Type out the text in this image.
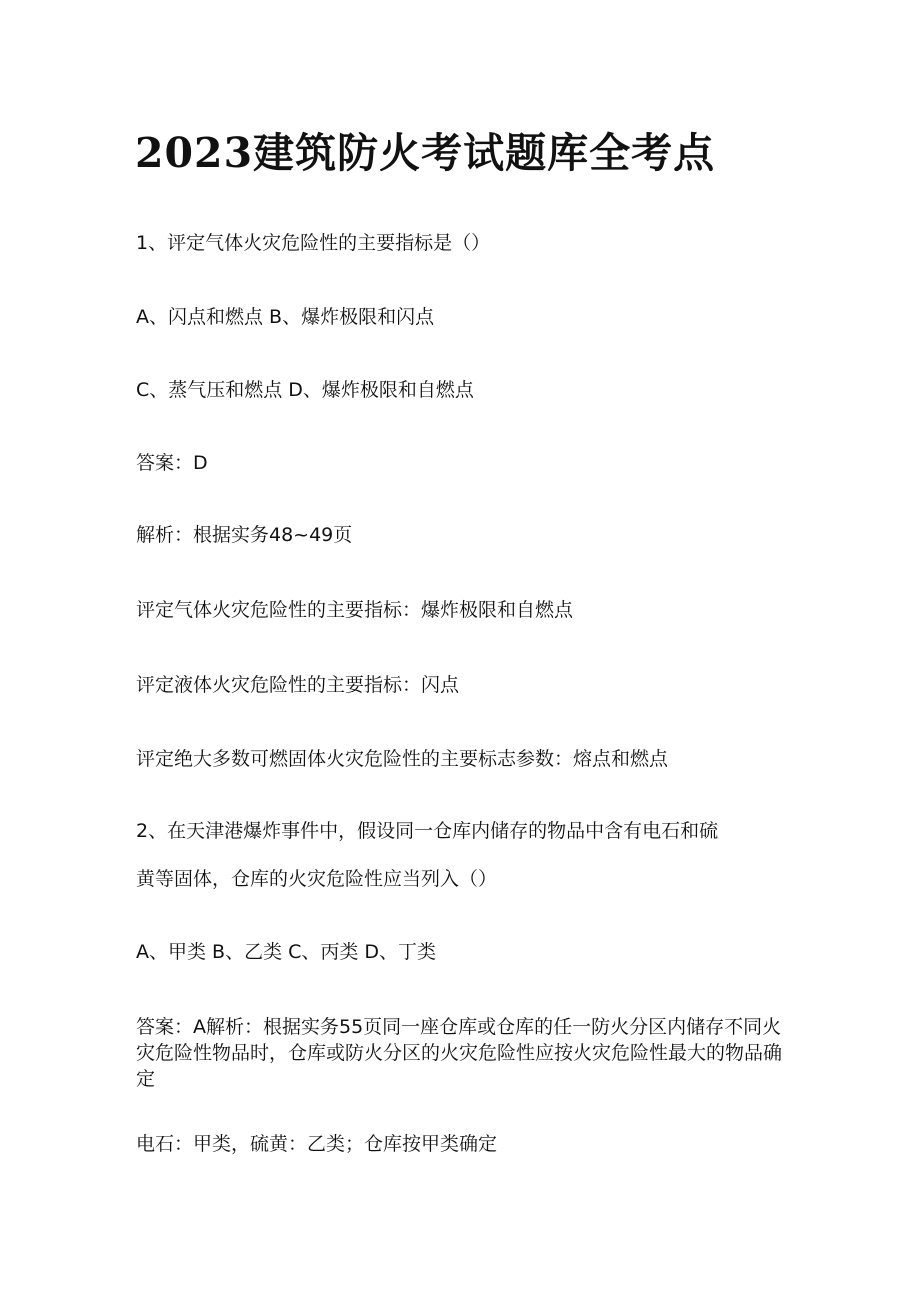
2023建筑防火考试题库全考点

1、评定气体火灾危险性的主要指标是（）

A、闪点和燃点 B、爆炸极限和闪点

C、蒸气压和燃点 D、爆炸极限和自燃点

答案：D

解析：根据实务48~49页

评定气体火灾危险性的主要指标：爆炸极限和自燃点

评定液体火灾危险性的主要指标：闪点

评定绝大多数可燃固体火灾危险性的主要标志参数：熔点和燃点

2、在天津港爆炸事件中，假设同一仓库内储存的物品中含有电石和硫

黄等固体，仓库的火灾危险性应当列入（）

A、甲类 B、乙类 C、丙类 D、丁类

答案：A解析：根据实务55页同一座仓库或仓库的任一防火分区内储存不同火灾危险性物品时，仓库或防火分区的火灾危险性应按火灾危险性最大的物品确定

电石：甲类，硫黄：乙类；仓库按甲类确定
